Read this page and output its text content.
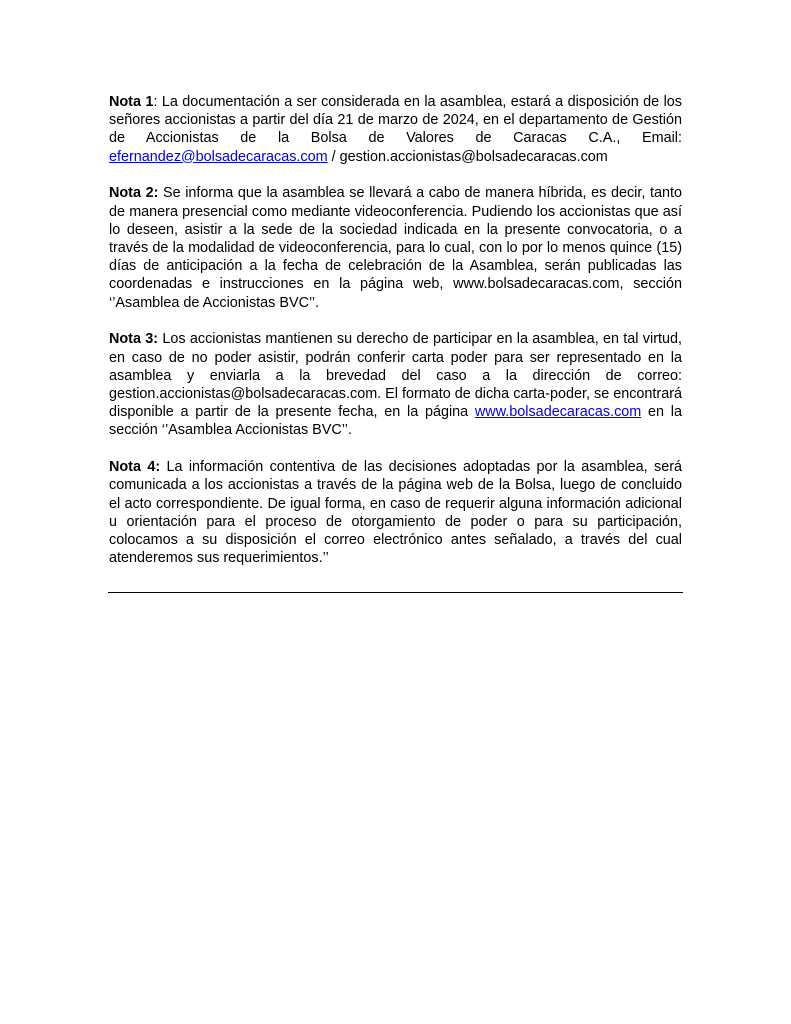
Nota 1: La documentación a ser considerada en la asamblea, estará a disposición de los señores accionistas a partir del día 21 de marzo de 2024, en el departamento de Gestión de Accionistas de la Bolsa de Valores de Caracas C.A., Email: efernandez@bolsadecaracas.com / gestion.accionistas@bolsadecaracas.com

Nota 2: Se informa que la asamblea se llevará a cabo de manera híbrida, es decir, tanto de manera presencial como mediante videoconferencia. Pudiendo los accionistas que así lo deseen, asistir a la sede de la sociedad indicada en la presente convocatoria, o a través de la modalidad de videoconferencia, para lo cual, con lo por lo menos quince (15) días de anticipación a la fecha de celebración de la Asamblea, serán publicadas las coordenadas e instrucciones en la página web, www.bolsadecaracas.com, sección ‘’Asamblea de Accionistas BVC’’.

Nota 3: Los accionistas mantienen su derecho de participar en la asamblea, en tal virtud, en caso de no poder asistir, podrán conferir carta poder para ser representado en la asamblea y enviarla a la brevedad del caso a la dirección de correo: gestion.accionistas@bolsadecaracas.com. El formato de dicha carta-poder, se encontrará disponible a partir de la presente fecha, en la página www.bolsadecaracas.com en la sección ‘’Asamblea Accionistas BVC’’.

Nota 4: La información contentiva de las decisiones adoptadas por la asamblea, será comunicada a los accionistas a través de la página web de la Bolsa, luego de concluido el acto correspondiente. De igual forma, en caso de requerir alguna información adicional u orientación para el proceso de otorgamiento de poder o para su participación, colocamos a su disposición el correo electrónico antes señalado, a través del cual atenderemos sus requerimientos.’’
